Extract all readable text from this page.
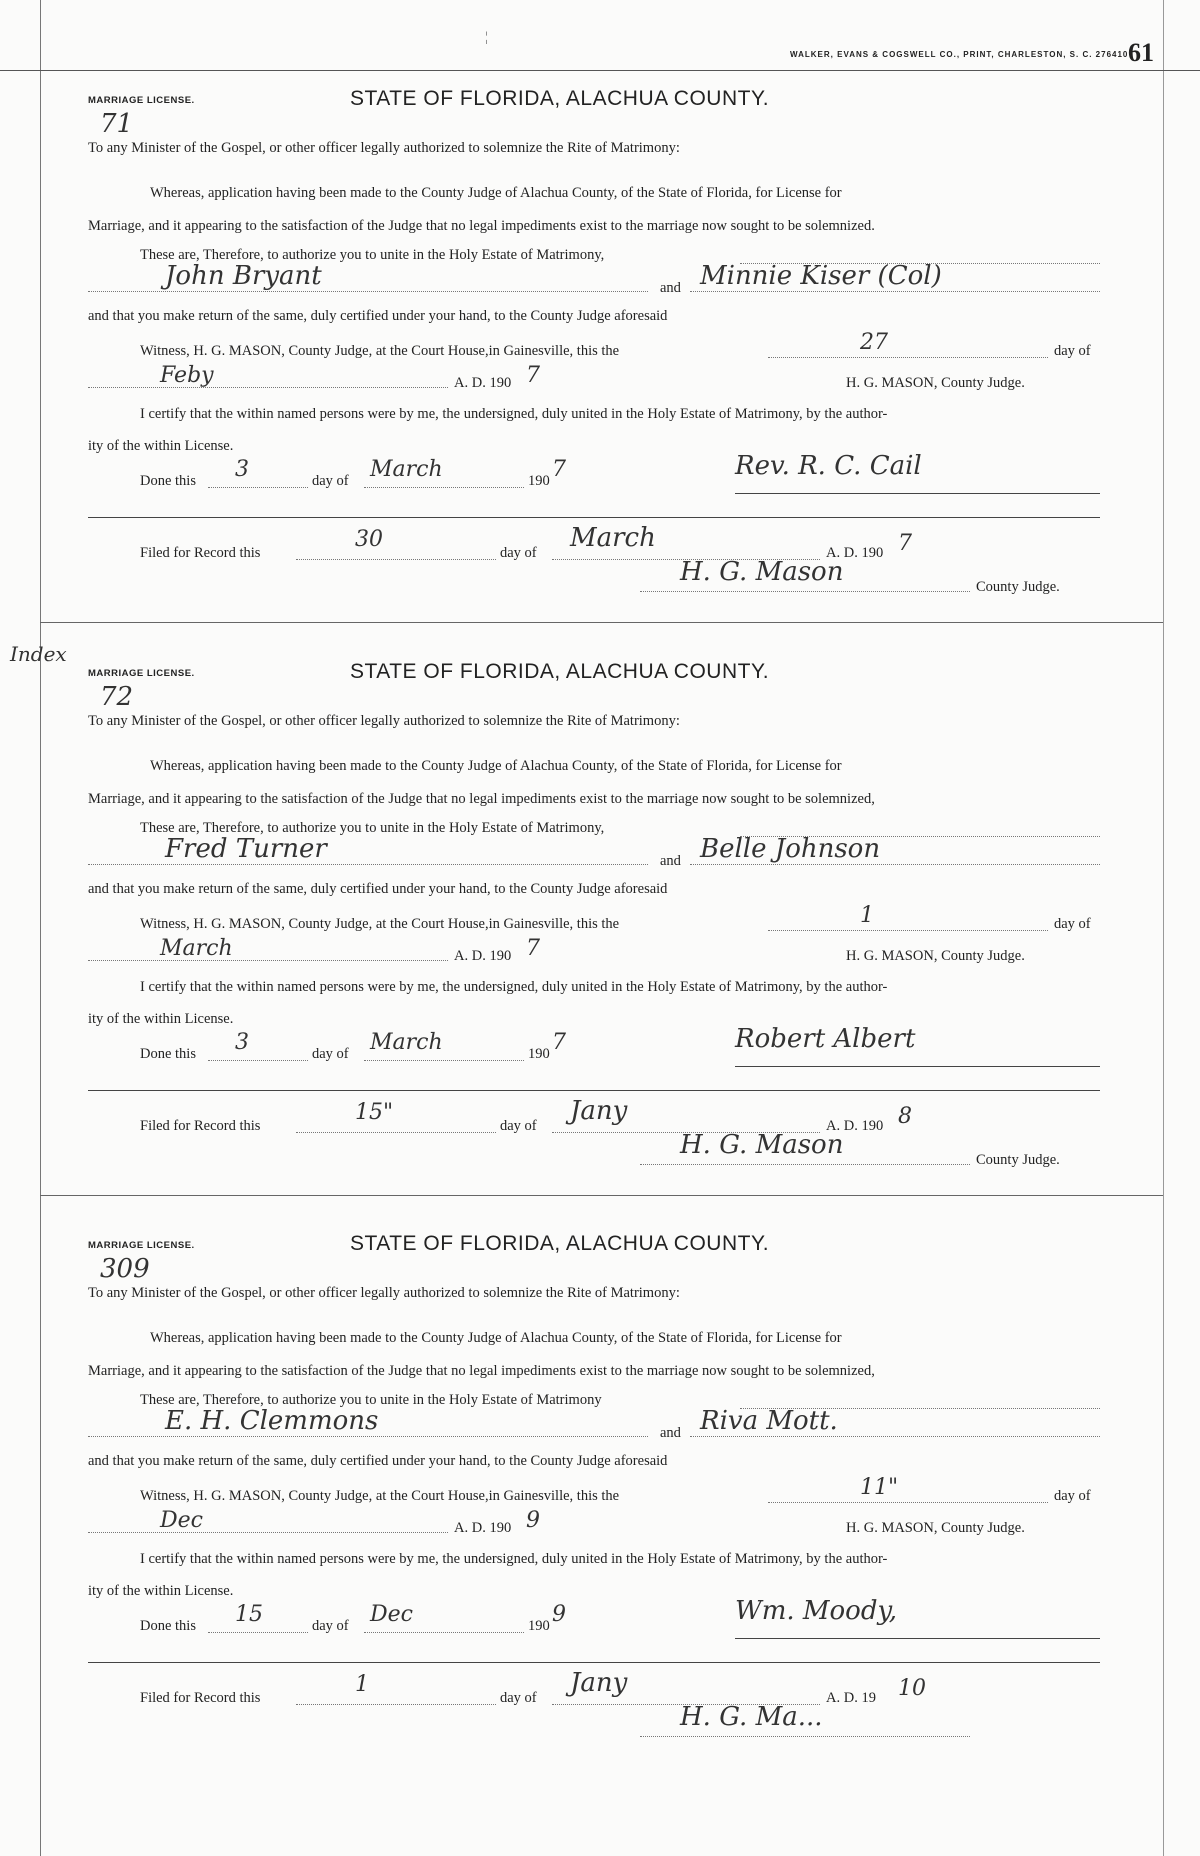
¦
WALKER, EVANS & COGSWELL CO., PRINT, CHARLESTON, S. C. 276410 61
Index
MARRIAGE LICENSE.
71
STATE OF FLORIDA, ALACHUA COUNTY.
To any Minister of the Gospel, or other officer legally authorized to solemnize the Rite of Matrimony:
Whereas, application having been made to the County Judge of Alachua County, of the State of Florida, for License for
Marriage, and it appearing to the satisfaction of the Judge that no legal impediments exist to the marriage now sought to be solemnized.
These are, Therefore, to authorize you to unite in the Holy Estate of Matrimony,
John Bryant	and Minnie Kiser (Col)
and that you make return of the same, duly certified under your hand, to the County Judge aforesaid
Witness, H. G. MASON, County Judge, at the Court House,in Gainesville, this the	27	day of
Feby	A. D. 190 7	H. G. MASON, County Judge.
I certify that the within named persons were by me, the undersigned, duly united in the Holy Estate of Matrimony, by the author-
ity of the within License.
Done this 3	day of March	190 7	Rev. R. C. Cail
Filed for Record this
30
day of March	A. D. 190 7
H. G. Mason	County Judge.
MARRIAGE LICENSE.
72
STATE OF FLORIDA, ALACHUA COUNTY.
To any Minister of the Gospel, or other officer legally authorized to solemnize the Rite of Matrimony:
Whereas, application having been made to the County Judge of Alachua County, of the State of Florida, for License for
Marriage, and it appearing to the satisfaction of the Judge that no legal impediments exist to the marriage now sought to be solemnized,
These are, Therefore, to authorize you to unite in the Holy Estate of Matrimony,
Fred Turner	and Belle Johnson
and that you make return of the same, duly certified under your hand, to the County Judge aforesaid
Witness, H. G. MASON, County Judge, at the Court House,in Gainesville, this the	1	day of
March	A. D. 190 7	H. G. MASON, County Judge.
I certify that the within named persons were by me, the undersigned, duly united in the Holy Estate of Matrimony, by the author-
ity of the within License.
Done this 3	day of March	190 7	Robert Albert
Filed for Record this
15"
day of Jany	A. D. 190 8
H. G. Mason	County Judge.
MARRIAGE LICENSE.
309
STATE OF FLORIDA, ALACHUA COUNTY.
To any Minister of the Gospel, or other officer legally authorized to solemnize the Rite of Matrimony:
Whereas, application having been made to the County Judge of Alachua County, of the State of Florida, for License for
Marriage, and it appearing to the satisfaction of the Judge that no legal impediments exist to the marriage now sought to be solemnized,
These are, Therefore, to authorize you to unite in the Holy Estate of Matrimony
E. H. Clemmons	and Riva Mott.
and that you make return of the same, duly certified under your hand, to the County Judge aforesaid
Witness, H. G. MASON, County Judge, at the Court House,in Gainesville, this the	11"	day of
Dec	A. D. 190 9	H. G. MASON, County Judge.
I certify that the within named persons were by me, the undersigned, duly united in the Holy Estate of Matrimony, by the author-
ity of the within License.
Done this 15	day of Dec	190 9	Wm. Moody,
Filed for Record this
1
day of Jany	A. D. 19 10
H. G. Ma...
